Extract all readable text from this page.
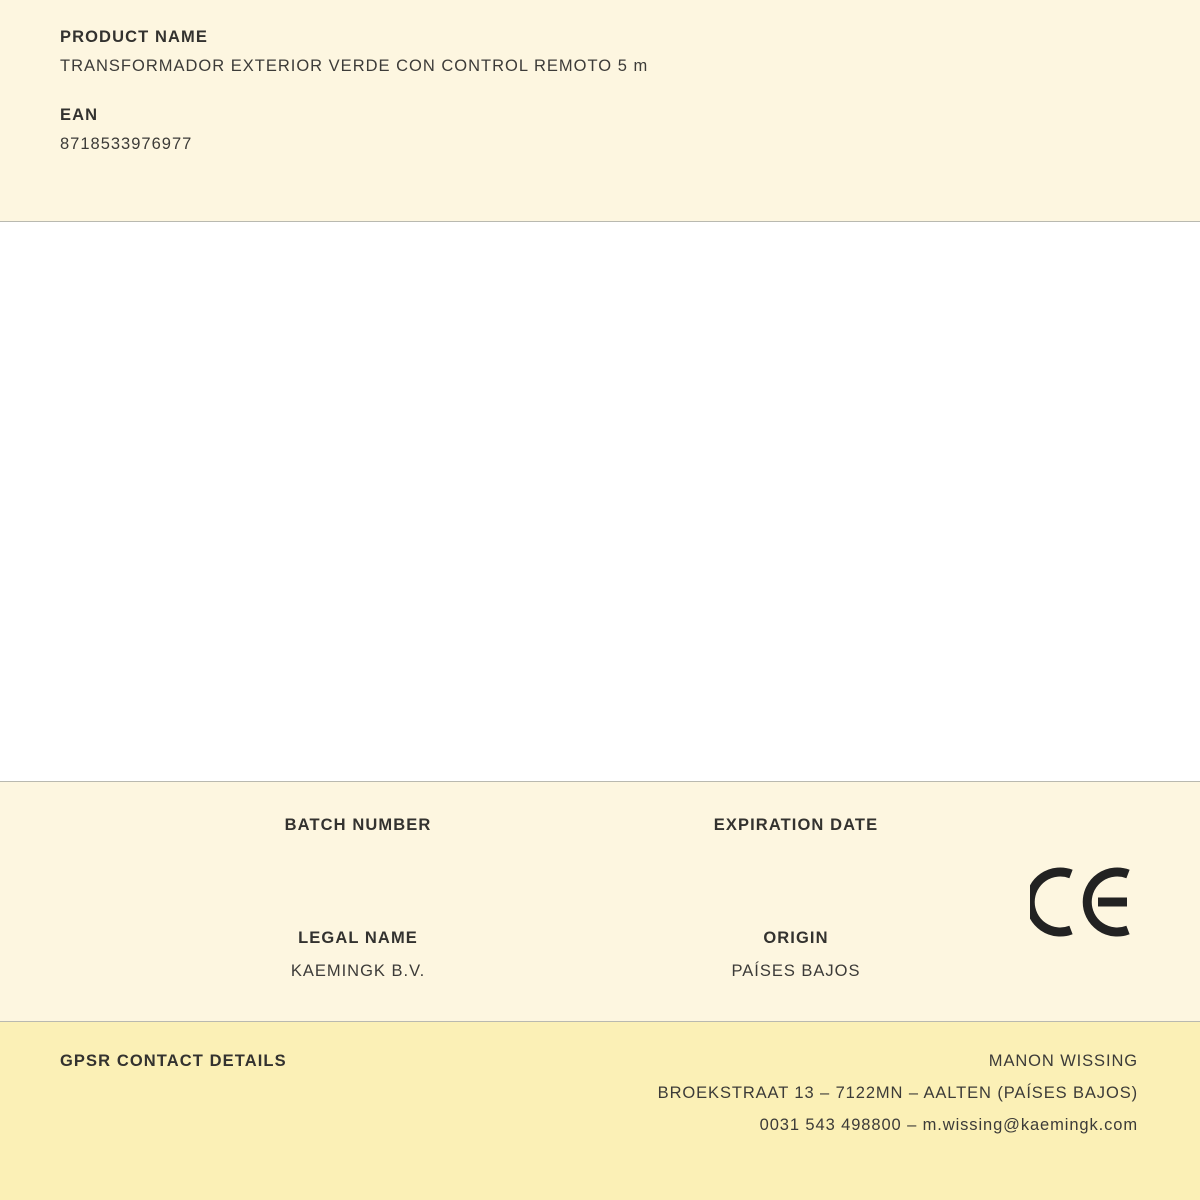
PRODUCT NAME

TRANSFORMADOR EXTERIOR VERDE CON CONTROL REMOTO 5 m

EAN

8718533976977

BATCH NUMBER	EXPIRATION DATE

LEGAL NAME

KAEMINGK B.V.

ORIGIN

PAÍSES BAJOS

GPSR CONTACT DETAILS	MANON WISSING

BROEKSTRAAT 13 – 7122MN – AALTEN (PAÍSES BAJOS)

0031 543 498800 – m.wissing@kaemingk.com
